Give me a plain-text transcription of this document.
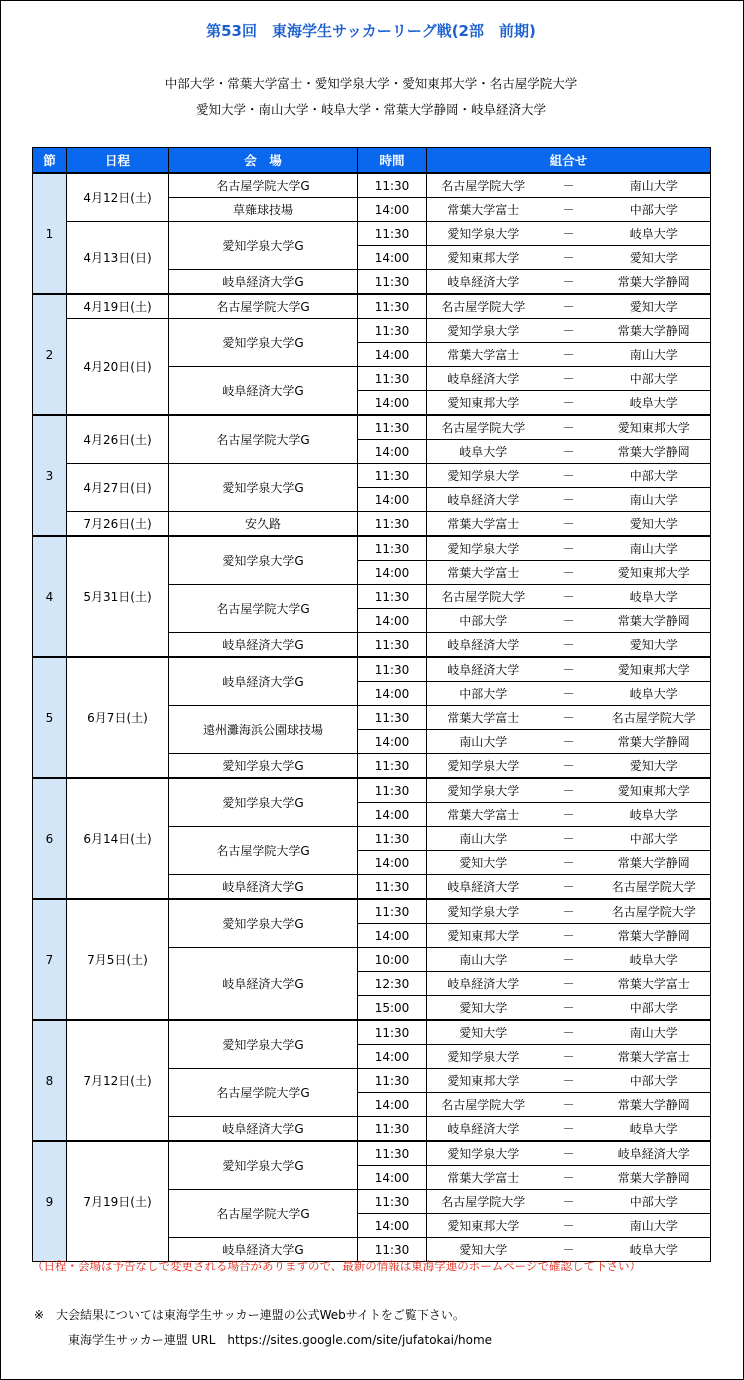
第53回　東海学生サッカーリーグ戦(2部　前期)
中部大学・常葉大学富士・愛知学泉大学・愛知東邦大学・名古屋学院大学
愛知大学・南山大学・岐阜大学・常葉大学静岡・岐阜経済大学
節	日程	会　場	時間	組合せ		
1	4月12日(土)	名古屋学院大学G	11:30	名古屋学院大学	－	南山大学
		草薙球技場	14:00	常葉大学富士	－	中部大学
	4月13日(日)	愛知学泉大学G	11:30	愛知学泉大学	－	岐阜大学
			14:00	愛知東邦大学	－	愛知大学
		岐阜経済大学G	11:30	岐阜経済大学	－	常葉大学静岡
2	4月19日(土)	名古屋学院大学G	11:30	名古屋学院大学	－	愛知大学
	4月20日(日)	愛知学泉大学G	11:30	愛知学泉大学	－	常葉大学静岡
			14:00	常葉大学富士	－	南山大学
		岐阜経済大学G	11:30	岐阜経済大学	－	中部大学
			14:00	愛知東邦大学	－	岐阜大学
3	4月26日(土)	名古屋学院大学G	11:30	名古屋学院大学	－	愛知東邦大学
			14:00	岐阜大学	－	常葉大学静岡
	4月27日(日)	愛知学泉大学G	11:30	愛知学泉大学	－	中部大学
			14:00	岐阜経済大学	－	南山大学
	7月26日(土)	安久路	11:30	常葉大学富士	－	愛知大学
4	5月31日(土)	愛知学泉大学G	11:30	愛知学泉大学	－	南山大学
			14:00	常葉大学富士	－	愛知東邦大学
		名古屋学院大学G	11:30	名古屋学院大学	－	岐阜大学
			14:00	中部大学	－	常葉大学静岡
		岐阜経済大学G	11:30	岐阜経済大学	－	愛知大学
5	6月7日(土)	岐阜経済大学G	11:30	岐阜経済大学	－	愛知東邦大学
			14:00	中部大学	－	岐阜大学
		遠州灘海浜公園球技場	11:30	常葉大学富士	－	名古屋学院大学
			14:00	南山大学	－	常葉大学静岡
		愛知学泉大学G	11:30	愛知学泉大学	－	愛知大学
6	6月14日(土)	愛知学泉大学G	11:30	愛知学泉大学	－	愛知東邦大学
			14:00	常葉大学富士	－	岐阜大学
		名古屋学院大学G	11:30	南山大学	－	中部大学
			14:00	愛知大学	－	常葉大学静岡
		岐阜経済大学G	11:30	岐阜経済大学	－	名古屋学院大学
7	7月5日(土)	愛知学泉大学G	11:30	愛知学泉大学	－	名古屋学院大学
			14:00	愛知東邦大学	－	常葉大学静岡
		岐阜経済大学G	10:00	南山大学	－	岐阜大学
			12:30	岐阜経済大学	－	常葉大学富士
			15:00	愛知大学	－	中部大学
8	7月12日(土)	愛知学泉大学G	11:30	愛知大学	－	南山大学
			14:00	愛知学泉大学	－	常葉大学富士
		名古屋学院大学G	11:30	愛知東邦大学	－	中部大学
			14:00	名古屋学院大学	－	常葉大学静岡
		岐阜経済大学G	11:30	岐阜経済大学	－	岐阜大学
9	7月19日(土)	愛知学泉大学G	11:30	愛知学泉大学	－	岐阜経済大学
			14:00	常葉大学富士	－	常葉大学静岡
		名古屋学院大学G	11:30	名古屋学院大学	－	中部大学
			14:00	愛知東邦大学	－	南山大学
		岐阜経済大学G	11:30	愛知大学	－	岐阜大学
（日程・会場は予告なしで変更される場合がありますので、最新の情報は東海学連のホームページで確認して下さい）
※　大会結果については東海学生サッカー連盟の公式Webサイトをご覧下さい。
東海学生サッカー連盟 URL　https://sites.google.com/site/jufatokai/home
